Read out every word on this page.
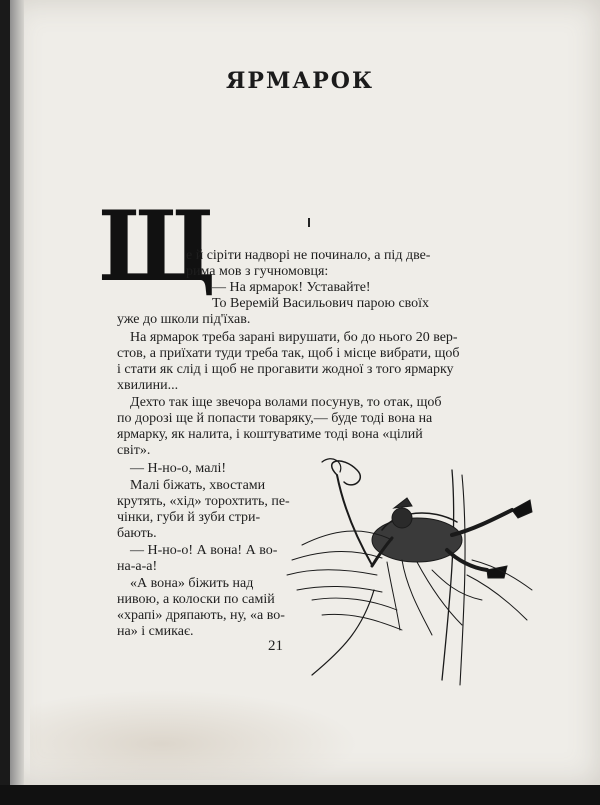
ЯРМАРОК
Щ
е й сіріти надворі не починало, а під две-
рима мов з гучномовця:
— На ярмарок! Уставайте!
То Веремій Васильович парою своїх
уже до школи під'їхав.
На ярмарок треба зарані вирушати, бо до нього 20 вер-
стов, а приїхати туди треба так, щоб і місце вибрати, щоб
і стати як слід і щоб не прогавити жодної з того ярмарку
хвилини...
Дехто так іще звечора волами посунув, то отак, щоб
по дорозі ще й попасти товаряку,— буде тоді вона на
ярмарку, як налита, і коштуватиме тоді вона «цілий
світ».
— Н-но-о, малі!
Малі біжать, хвостами
крутять, «хід» торохтить, пе-
чінки, губи й зуби стри-
бають.
— Н-но-о! А вона! А во-
на-а-а!
«А вона» біжить над
нивою, а колоски по самій
«храпі» дряпають, ну, «а во-
на» і смикає.
21
